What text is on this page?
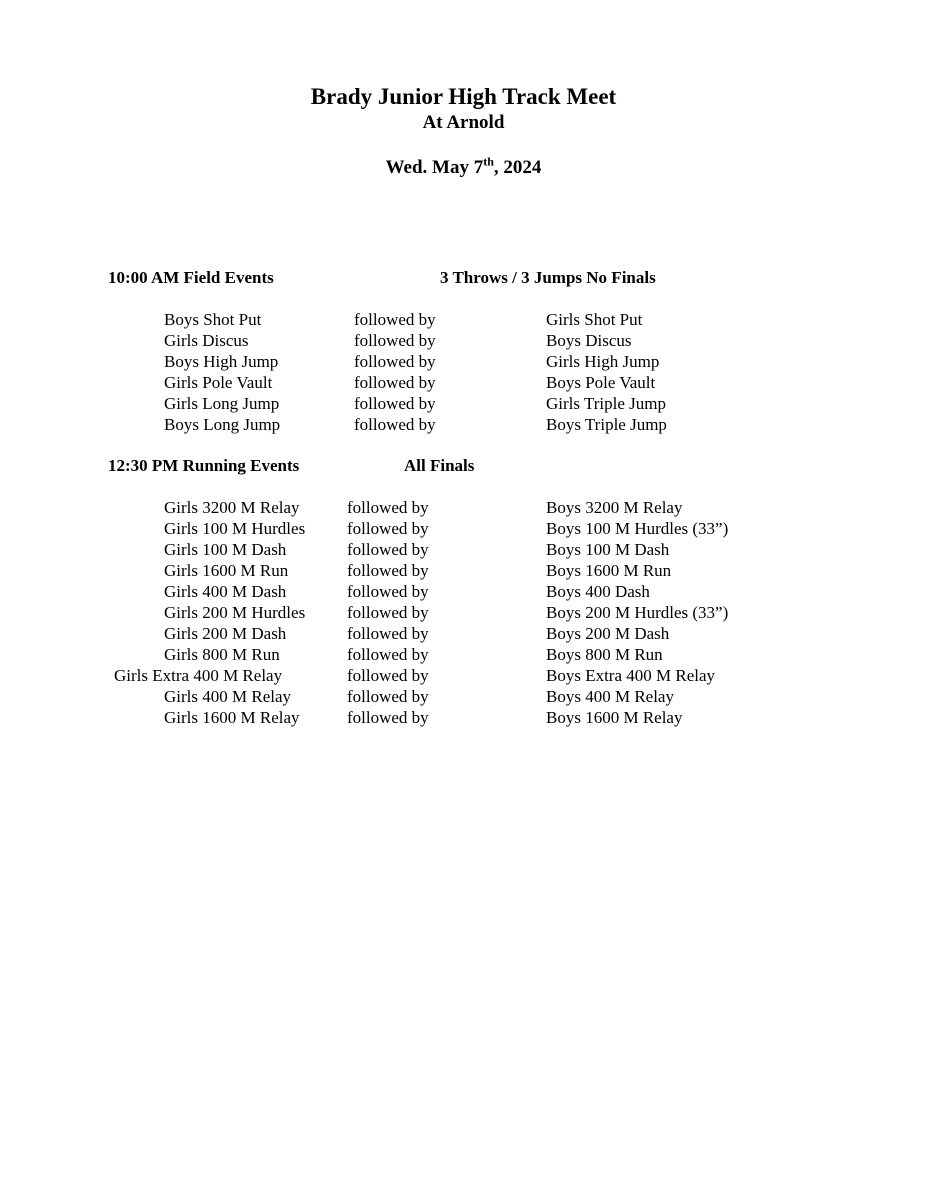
Brady Junior High Track Meet
At Arnold
Wed. May 7th, 2024
10:00 AM Field Events	3 Throws / 3 Jumps No Finals
Boys Shot Put	followed by	Girls Shot Put
Girls Discus	followed by	Boys Discus
Boys High Jump	followed by	Girls High Jump
Girls Pole Vault	followed by	Boys Pole Vault
Girls Long Jump	followed by	Girls Triple Jump
Boys Long Jump	followed by	Boys Triple Jump
12:30 PM Running Events	All Finals
Girls 3200 M Relay	followed by	Boys 3200 M Relay
Girls 100 M Hurdles followed by	Boys 100 M Hurdles (33”)
Girls 100 M Dash	followed by	Boys 100 M Dash
Girls 1600 M Run	followed by	Boys 1600 M Run
Girls 400 M Dash	followed by	Boys 400 Dash
Girls 200 M Hurdles followed by	Boys 200 M Hurdles (33”)
Girls 200 M Dash	followed by	Boys 200 M Dash
Girls 800 M Run	followed by	Boys 800 M Run
Girls Extra 400 M Relay	followed by	Boys Extra 400 M Relay
Girls 400 M Relay	followed by	Boys 400 M Relay
Girls 1600 M Relay	followed by	Boys 1600 M Relay
